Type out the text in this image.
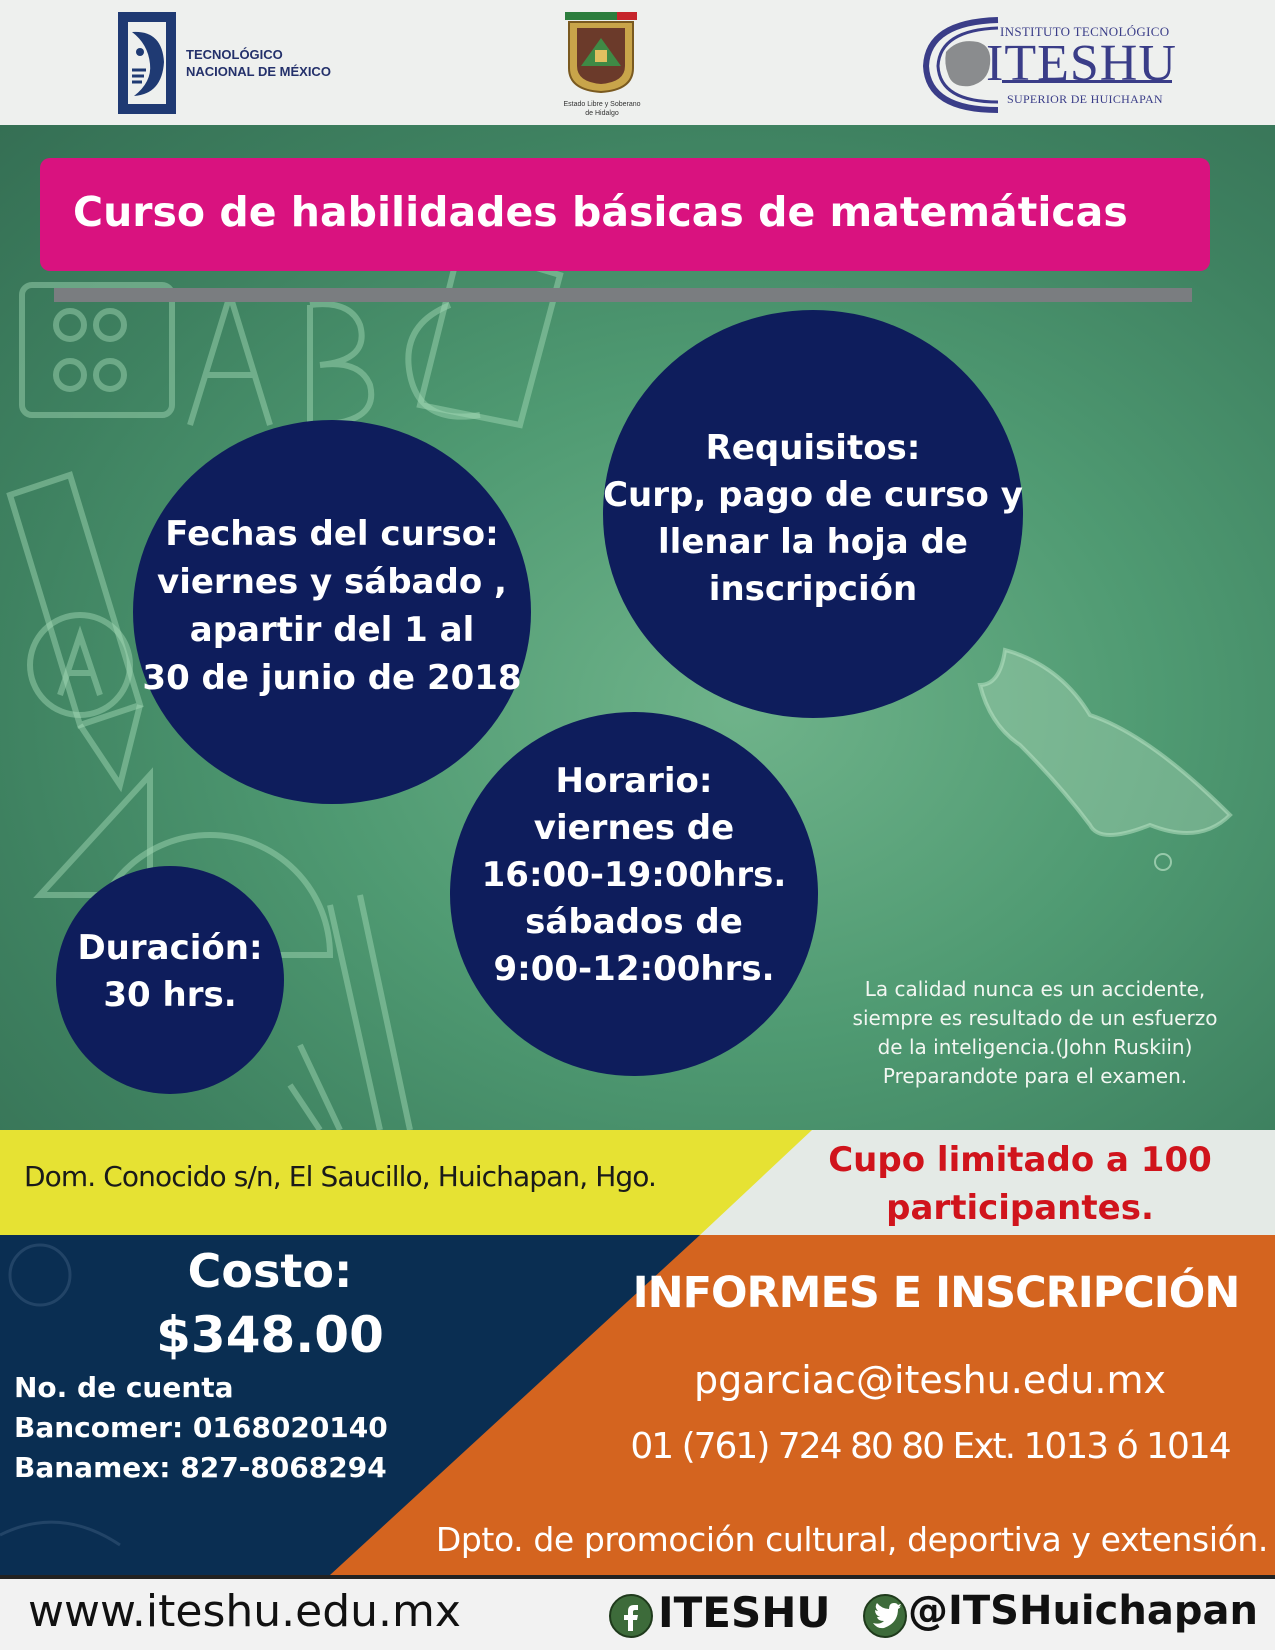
TECNOLÓGICO
NACIONAL DE MÉXICO
Estado Libre y Soberano
de Hidalgo
INSTITUTO TECNOLÓGICO
ITESHU
SUPERIOR DE HUICHAPAN
Curso de habilidades básicas de matemáticas
Fechas del curso:
viernes y sábado ,
apartir del 1 al
30 de junio de 2018
Requisitos:
Curp, pago de curso y
llenar la hoja de
inscripción
Horario:
viernes de
16:00-19:00hrs.
sábados de
9:00-12:00hrs.
Duración:
30 hrs.	La calidad nunca es un accidente,
siempre es resultado de un esfuerzo
de la inteligencia.(John Ruskiin)
Preparandote para el examen.
Dom. Conocido s/n, El Saucillo, Huichapan, Hgo.	Cupo limitado a 100
participantes.
Costo:
$348.00
No. de cuenta
Bancomer: 0168020140
Banamex: 827-8068294
INFORMES E INSCRIPCIÓN
pgarciac@iteshu.edu.mx
01 (761) 724 80 80 Ext. 1013 ó 1014
Dpto. de promoción cultural, deportiva y extensión.
www.iteshu.edu.mx	ITESHU @ITSHuichapan
